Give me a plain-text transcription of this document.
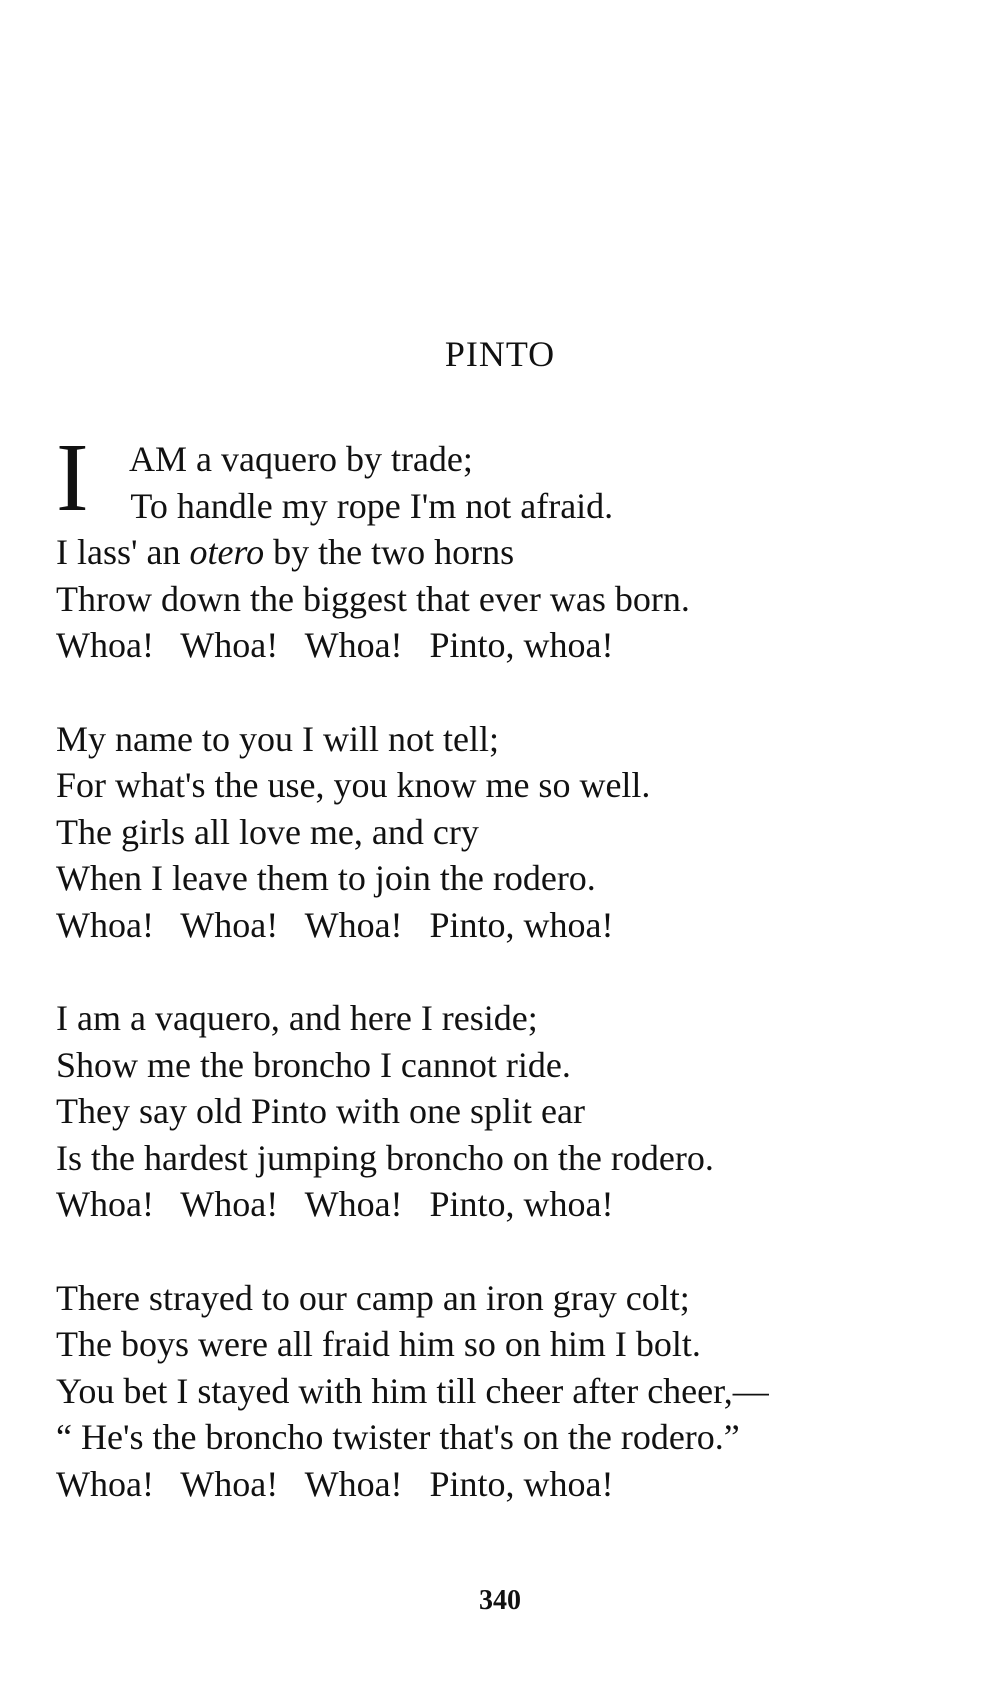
PINTO
I AM a vaquero by trade;
To handle my rope I'm not afraid.
I lass' an otero by the two horns
Throw down the biggest that ever was born.
Whoa!   Whoa!   Whoa!   Pinto, whoa!
My name to you I will not tell;
For what's the use, you know me so well.
The girls all love me, and cry
When I leave them to join the rodero.
Whoa!   Whoa!   Whoa!   Pinto, whoa!
I am a vaquero, and here I reside;
Show me the broncho I cannot ride.
They say old Pinto with one split ear
Is the hardest jumping broncho on the rodero.
Whoa!   Whoa!   Whoa!   Pinto, whoa!
There strayed to our camp an iron gray colt;
The boys were all fraid him so on him I bolt.
You bet I stayed with him till cheer after cheer,—
“ He's the broncho twister that's on the rodero.”
Whoa!   Whoa!   Whoa!   Pinto, whoa!
340
